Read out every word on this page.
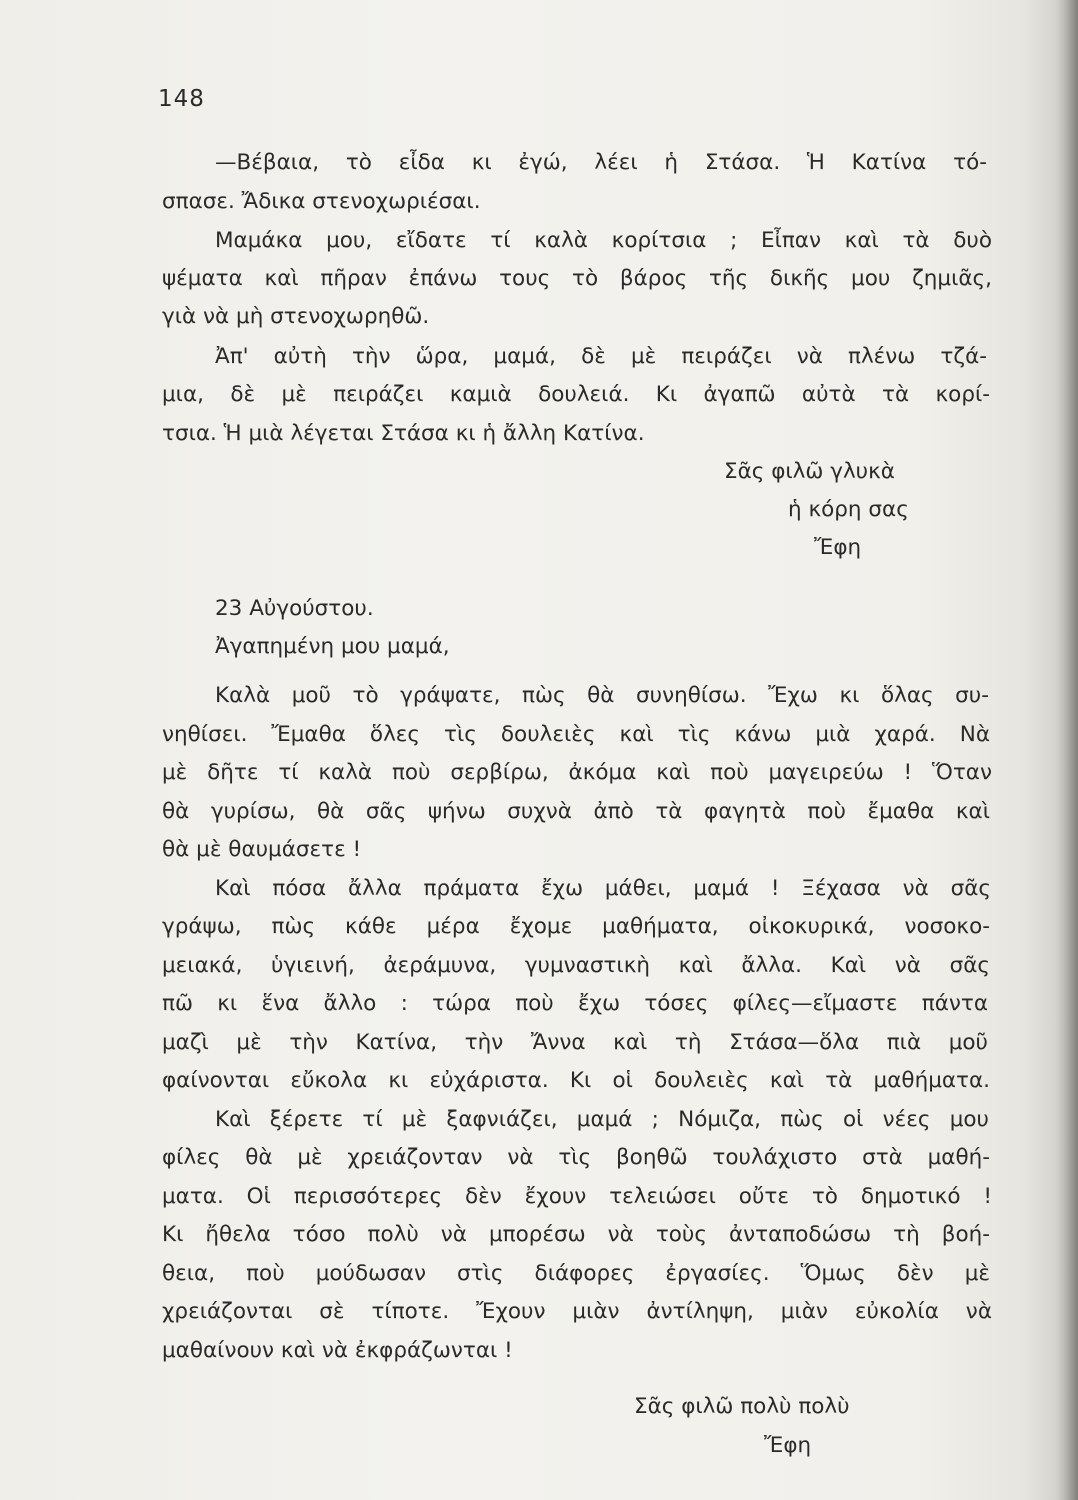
148
—Βέβαια, τὸ εἶδα κι ἐγώ, λέει ἡ Στάσα. Ἡ Κατίνα τό-
σπασε. Ἄδικα στενοχωριέσαι.
Μαμάκα μου, εἴδατε τί καλὰ κορίτσια ; Εἶπαν καὶ τὰ δυὸ
ψέματα καὶ πῆραν ἐπάνω τους τὸ βάρος τῆς δικῆς μου ζημιᾶς,
γιὰ νὰ μὴ στενοχωρηθῶ.
Ἀπ' αὐτὴ τὴν ὥρα, μαμά, δὲ μὲ πειράζει νὰ πλένω τζά-
μια, δὲ μὲ πειράζει καμιὰ δουλειά. Κι ἀγαπῶ αὐτὰ τὰ κορί-
τσια. Ἡ μιὰ λέγεται Στάσα κι ἡ ἄλλη Κατίνα.
Σᾶς φιλῶ γλυκὰ
ἡ κόρη σας
Ἔφη
23 Αὐγούστου.
Ἀγαπημένη μου μαμά,
Καλὰ μοῦ τὸ γράψατε, πὼς θὰ συνηθίσω. Ἔχω κι ὅλας συ-
νηθίσει. Ἔμαθα ὅλες τὶς δουλειὲς καὶ τὶς κάνω μιὰ χαρά. Νὰ
μὲ δῆτε τί καλὰ ποὺ σερβίρω, ἀκόμα καὶ ποὺ μαγειρεύω ! Ὅταν
θὰ γυρίσω, θὰ σᾶς ψήνω συχνὰ ἀπὸ τὰ φαγητὰ ποὺ ἔμαθα καὶ
θὰ μὲ θαυμάσετε !
Καὶ πόσα ἄλλα πράματα ἔχω μάθει, μαμά ! Ξέχασα νὰ σᾶς
γράψω, πὼς κάθε μέρα ἔχομε μαθήματα, οἰκοκυρικά, νοσοκο-
μειακά, ὑγιεινή, ἀεράμυνα, γυμναστικὴ καὶ ἄλλα. Καὶ νὰ σᾶς
πῶ κι ἕνα ἄλλο : τώρα ποὺ ἔχω τόσες φίλες—εἴμαστε πάντα
μαζὶ μὲ τὴν Κατίνα, τὴν Ἄννα καὶ τὴ Στάσα—ὅλα πιὰ μοῦ
φαίνονται εὔκολα κι εὐχάριστα. Κι οἱ δουλειὲς καὶ τὰ μαθήματα.
Καὶ ξέρετε τί μὲ ξαφνιάζει, μαμά ; Νόμιζα, πὼς οἱ νέες μου
φίλες θὰ μὲ χρειάζονταν νὰ τὶς βοηθῶ τουλάχιστο στὰ μαθή-
ματα. Οἱ περισσότερες δὲν ἔχουν τελειώσει οὔτε τὸ δημοτικό !
Κι ἤθελα τόσο πολὺ νὰ μπορέσω νὰ τοὺς ἀνταποδώσω τὴ βοή-
θεια, ποὺ μούδωσαν στὶς διάφορες ἐργασίες. Ὅμως δὲν μὲ
χρειάζονται σὲ τίποτε. Ἔχουν μιὰν ἀντίληψη, μιὰν εὐκολία νὰ
μαθαίνουν καὶ νὰ ἐκφράζωνται !
Σᾶς φιλῶ πολὺ πολὺ
Ἔφη
